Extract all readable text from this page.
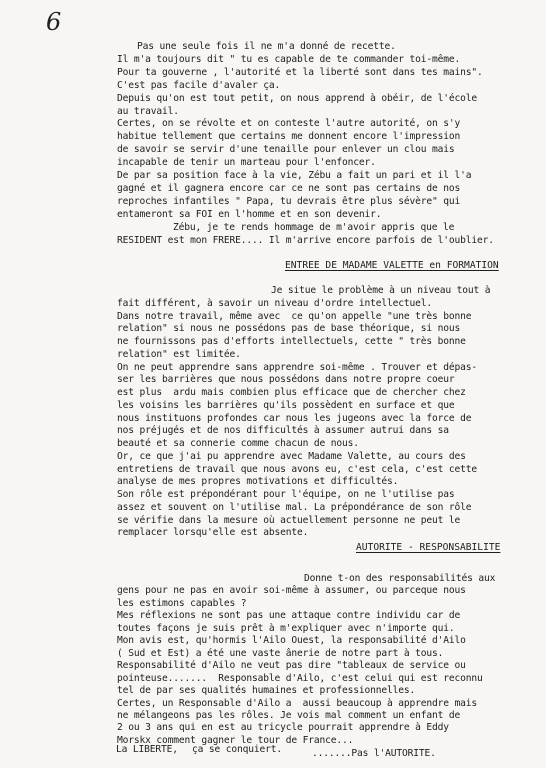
6
Pas une seule fois il ne m'a donné de recette.
Il m'a toujours dit " tu es capable de te commander toi-même.
Pour ta gouverne , l'autorité et la liberté sont dans tes mains".
C'est pas facile d'avaler ça.
Depuis qu'on est tout petit, on nous apprend à obéir, de l'école
au travail.
Certes, on se révolte et on conteste l'autre autorité, on s'y
habitue tellement que certains me donnent encore l'impression
de savoir se servir d'une tenaille pour enlever un clou mais
incapable de tenir un marteau pour l'enfoncer.
De par sa position face à la vie, Zébu a fait un pari et il l'a
gagné et il gagnera encore car ce ne sont pas certains de nos
reproches infantiles " Papa, tu devrais être plus sévère" qui
entameront sa FOI en l'homme et en son devenir.
Zébu, je te rends hommage de m'avoir appris que le
RESIDENT est mon FRERE.... Il m'arrive encore parfois de l'oublier.
ENTREE DE MADAME VALETTE en FORMATION
Je situe le problème à un niveau tout à
fait différent, à savoir un niveau d'ordre intellectuel.
Dans notre travail, même avec  ce qu'on appelle "une très bonne
relation" si nous ne possédons pas de base théorique, si nous
ne fournissons pas d'efforts intellectuels, cette " très bonne
relation" est limitée.
On ne peut apprendre sans apprendre soi-même . Trouver et dépas-
ser les barrières que nous possédons dans notre propre coeur
est plus  ardu mais combien plus efficace que de chercher chez
les voisins les barrières qu'ils possèdent en surface et que
nous instituons profondes car nous les jugeons avec la force de
nos préjugés et de nos difficultés à assumer autrui dans sa
beauté et sa connerie comme chacun de nous.
Or, ce que j'ai pu apprendre avec Madame Valette, au cours des
entretiens de travail que nous avons eu, c'est cela, c'est cette
analyse de mes propres motivations et difficultés.
Son rôle est prépondérant pour l'équipe, on ne l'utilise pas
assez et souvent on l'utilise mal. La prépondérance de son rôle
se vérifie dans la mesure où actuellement personne ne peut le
remplacer lorsqu'elle est absente.
AUTORITE - RESPONSABILITE
Donne t-on des responsabilités aux
gens pour ne pas en avoir soi-même à assumer, ou parceque nous
les estimons capables ?
Mes réflexions ne sont pas une attaque contre individu car de
toutes façons je suis prêt à m'expliquer avec n'importe qui.
Mon avis est, qu'hormis l'Ailo Ouest, la responsabilité d'Ailo
( Sud et Est) a été une vaste ânerie de notre part à tous.
Responsabilité d'Ailo ne veut pas dire "tableaux de service ou
pointeuse.......  Responsable d'Ailo, c'est celui qui est reconnu
tel de par ses qualités humaines et professionnelles.
Certes, un Responsable d'Ailo a  aussi beaucoup à apprendre mais
ne mélangeons pas les rôles. Je vois mal comment un enfant de
2 ou 3 ans qui en est au tricycle pourrait apprendre à Eddy
Morskx comment gagner le tour de France...
La LIBERTE, ça se conquiert.	.......Pas l'AUTORITE.
